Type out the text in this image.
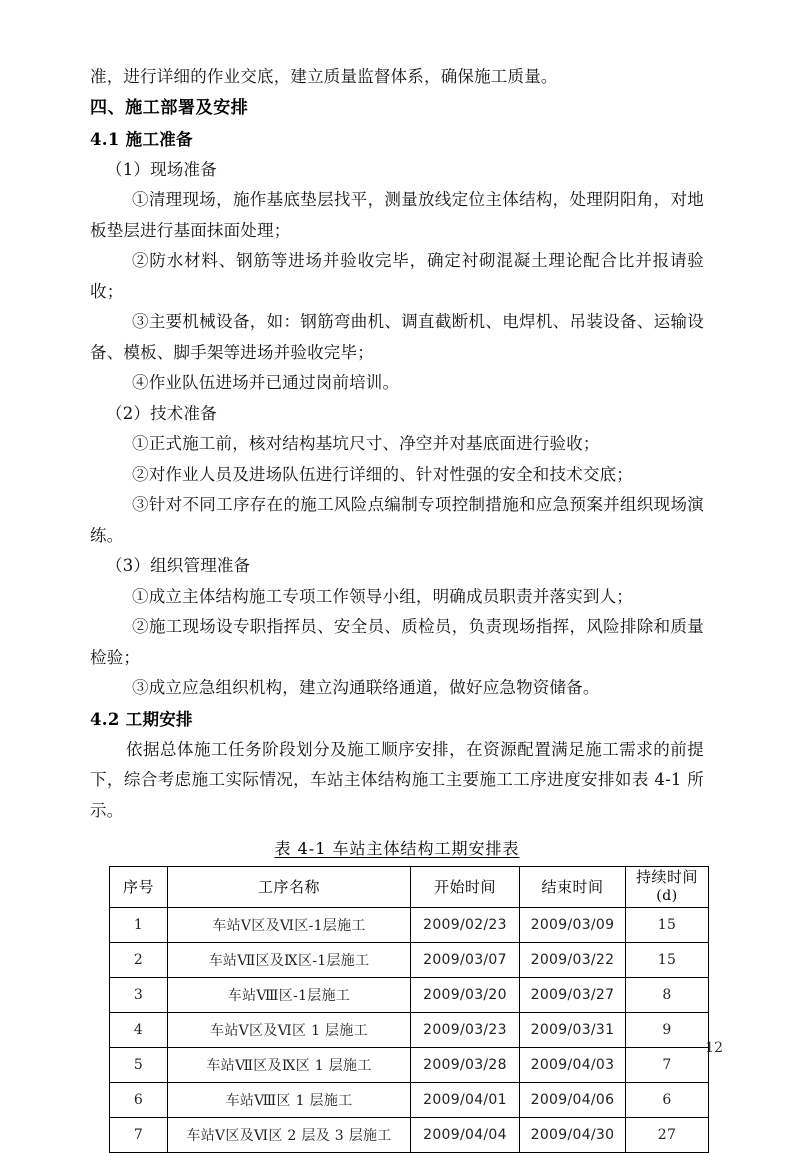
准，进行详细的作业交底，建立质量监督体系，确保施工质量。

四、施工部署及安排

4.1 施工准备

（1）现场准备

①清理现场，施作基底垫层找平，测量放线定位主体结构，处理阴阳角，对地板垫层进行基面抹面处理；

②防水材料、钢筋等进场并验收完毕，确定衬砌混凝土理论配合比并报请验收；

③主要机械设备，如：钢筋弯曲机、调直截断机、电焊机、吊装设备、运输设备、模板、脚手架等进场并验收完毕；

④作业队伍进场并已通过岗前培训。

（2）技术准备

①正式施工前，核对结构基坑尺寸、净空并对基底面进行验收；

②对作业人员及进场队伍进行详细的、针对性强的安全和技术交底；

③针对不同工序存在的施工风险点编制专项控制措施和应急预案并组织现场演练。

（3）组织管理准备

①成立主体结构施工专项工作领导小组，明确成员职责并落实到人；

②施工现场设专职指挥员、安全员、质检员，负责现场指挥，风险排除和质量检验；

③成立应急组织机构，建立沟通联络通道，做好应急物资储备。

4.2 工期安排

依据总体施工任务阶段划分及施工顺序安排，在资源配置满足施工需求的前提下，综合考虑施工实际情况，车站主体结构施工主要施工工序进度安排如表 4-1 所示。

表 4-1 车站主体结构工期安排表
序号	工序名称	开始时间	结束时间	持续时间
(d)

1	车站Ⅴ区及Ⅵ区-1层施工	2009/02/23	2009/03/09	15
2	车站Ⅶ区及Ⅸ区-1层施工	2009/03/07	2009/03/22	15
3	车站Ⅷ区-1层施工	2009/03/20	2009/03/27	8
4	车站Ⅴ区及Ⅵ区 1 层施工	2009/03/23	2009/03/31	9
5	车站Ⅶ区及Ⅸ区 1 层施工	2009/03/28	2009/04/03	7
6	车站Ⅷ区 1 层施工	2009/04/01	2009/04/06	6
7	车站Ⅴ区及Ⅵ区 2 层及 3 层施工	2009/04/04	2009/04/30	27
12
